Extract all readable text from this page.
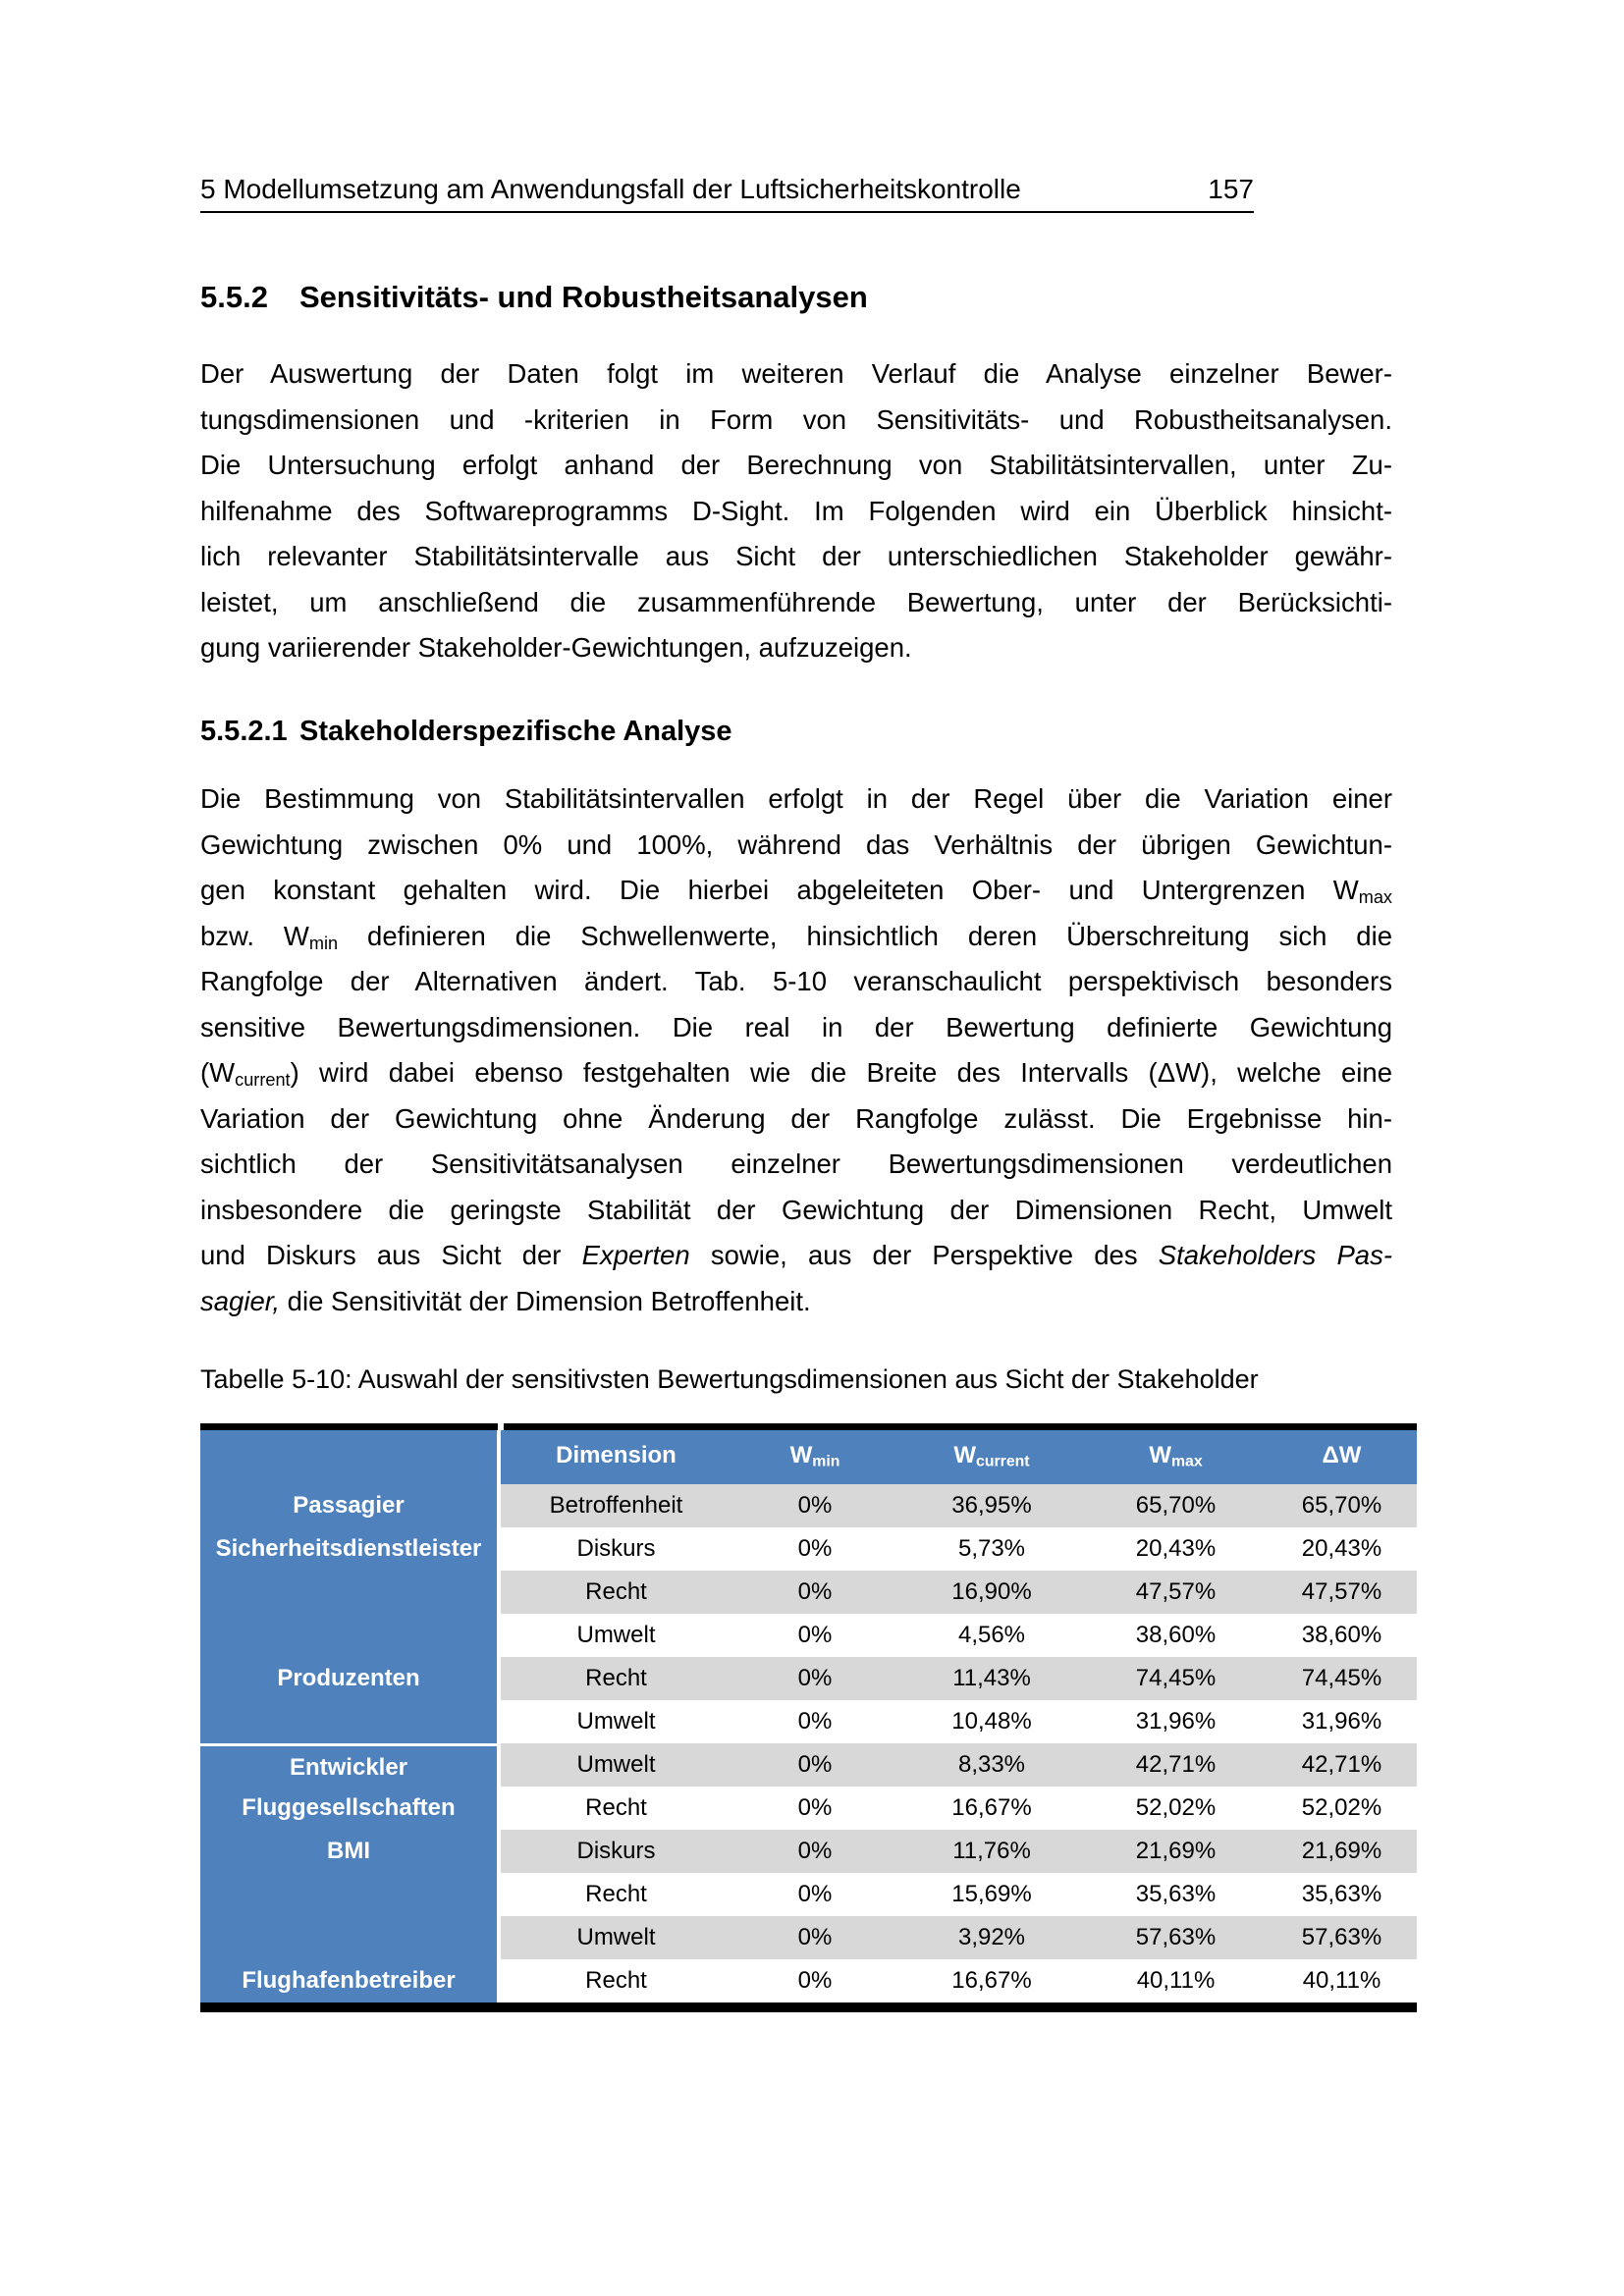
5 Modellumsetzung am Anwendungsfall der Luftsicherheitskontrolle	157
5.5.2 Sensitivitäts- und Robustheitsanalysen
Der Auswertung der Daten folgt im weiteren Verlauf die Analyse einzelner Bewer-
tungsdimensionen und -kriterien in Form von Sensitivitäts- und Robustheitsanalysen.
Die Untersuchung erfolgt anhand der Berechnung von Stabilitätsintervallen, unter Zu-
hilfenahme des Softwareprogramms D-Sight. Im Folgenden wird ein Überblick hinsicht-
lich relevanter Stabilitätsintervalle aus Sicht der unterschiedlichen Stakeholder gewähr-
leistet, um anschließend die zusammenführende Bewertung, unter der Berücksichti-
gung variierender Stakeholder-Gewichtungen, aufzuzeigen.
5.5.2.1 Stakeholderspezifische Analyse
Die Bestimmung von Stabilitätsintervallen erfolgt in der Regel über die Variation einer
Gewichtung zwischen 0% und 100%, während das Verhältnis der übrigen Gewichtun-
gen konstant gehalten wird. Die hierbei abgeleiteten Ober- und Untergrenzen $W_{max}$
bzw. $W_{min}$ definieren die Schwellenwerte, hinsichtlich deren Überschreitung sich die
Rangfolge der Alternativen ändert. Tab. 5-10 veranschaulicht perspektivisch besonders
sensitive Bewertungsdimensionen. Die real in der Bewertung definierte Gewichtung
$(W_{current})$ wird dabei ebenso festgehalten wie die Breite des Intervalls (ΔW), welche eine
Variation der Gewichtung ohne Änderung der Rangfolge zulässt. Die Ergebnisse hin-
sichtlich der Sensitivitätsanalysen einzelner Bewertungsdimensionen verdeutlichen
insbesondere die geringste Stabilität der Gewichtung der Dimensionen Recht, Umwelt
und Diskurs aus Sicht der Experten sowie, aus der Perspektive des Stakeholders Pas-
sagier, die Sensitivität der Dimension Betroffenheit.
Tabelle 5-10: Auswahl der sensitivsten Bewertungsdimensionen aus Sicht der Stakeholder
Dimension	$W_{min}$	$W_{current}$	$W_{max}$	ΔW
Passagier	Betroffenheit	0%	36,95%	65,70%	65,70%
Sicherheitsdienstleister	Diskurs	0%	5,73%	20,43%	20,43%
Recht	0%	16,90%	47,57%	47,57%
Umwelt	0%	4,56%	38,60%	38,60%
Produzenten	Recht	0%	11,43%	74,45%	74,45%
Umwelt	0%	10,48%	31,96%	31,96%
Entwickler	Umwelt	0%	8,33%	42,71%	42,71%
Fluggesellschaften	Recht	0%	16,67%	52,02%	52,02%
BMI	Diskurs	0%	11,76%	21,69%	21,69%
Recht	0%	15,69%	35,63%	35,63%
Umwelt	0%	3,92%	57,63%	57,63%
Flughafenbetreiber	Recht	0%	16,67%	40,11%	40,11%
